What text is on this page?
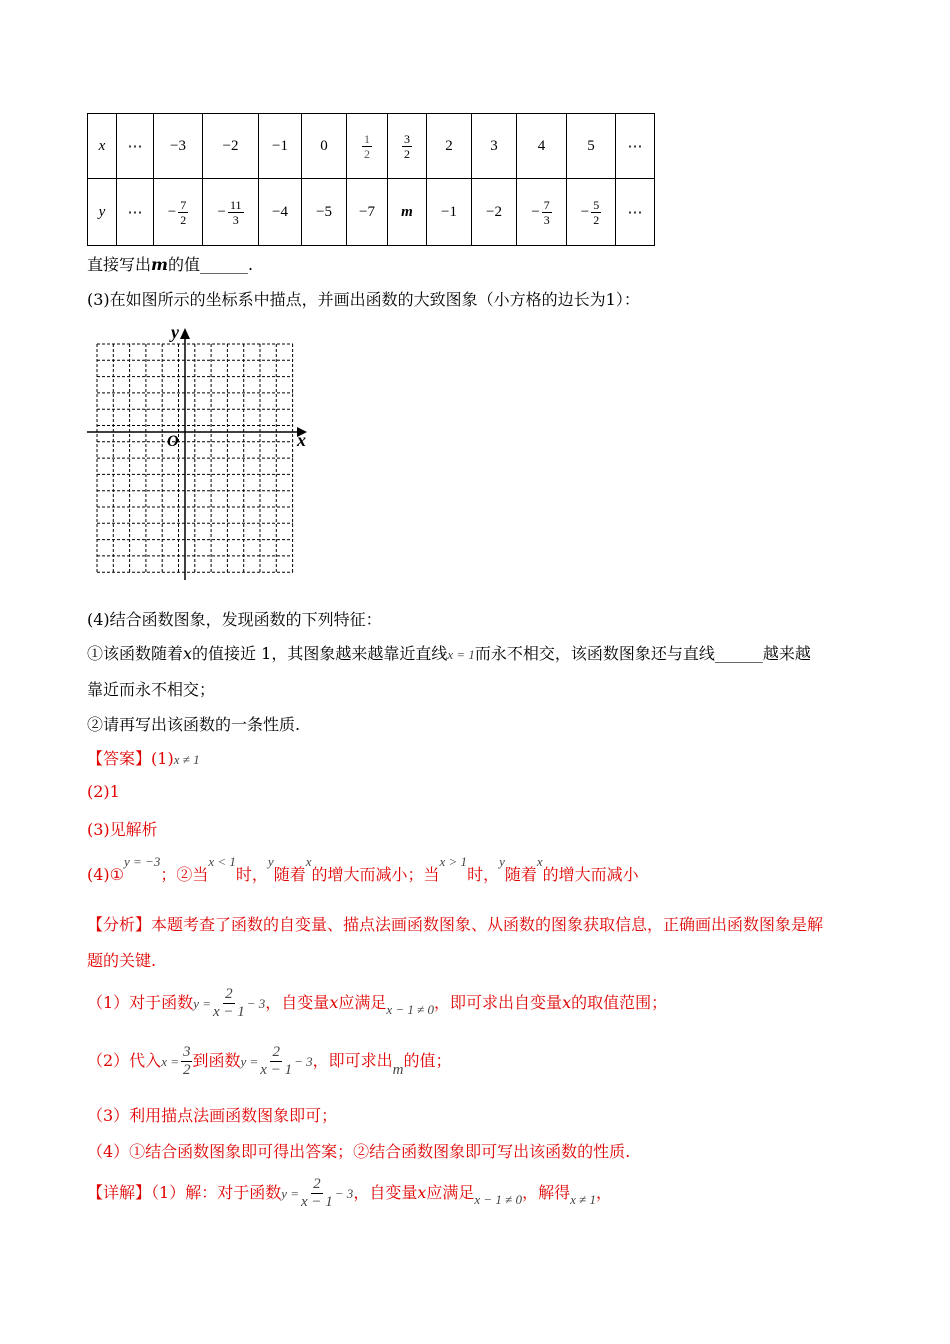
x	⋯	−3	−2	−1	0	$\frac{1}{2}$	$\frac{3}{2}$	2	3	4	5	⋯
y	⋯	− $\frac{7}{2}$	− $\frac{11}{3}$	−4	−5	−7	m	−1	−2	− $\frac{7}{3}$	− $\frac{5}{2}$	⋯
直接写出m的值______.
(3)在如图所示的坐标系中描点，并画出函数的大致图象（小方格的边长为1）：
y
x
O
(4)结合函数图象，发现函数的下列特征：
①该函数随着x的值接近 1，其图象越来越靠近直线x = 1而永不相交，该函数图象还与直线______越来越
靠近而永不相交；
②请再写出该函数的一条性质.
【答案】(1)x ≠ 1
(2)1
(3)见解析
(4)①$^{y = -3}$；②当$^{x < 1}$时，$^y$随着$^x$的增大而减小；当$^{x > 1}$时，$^y$随着$^x$的增大而减小
【分析】本题考查了函数的自变量、描点法画函数图象、从函数的图象获取信息，正确画出函数图象是解
题的关键.
（1）对于函数 $y = \frac{2}{x - 1} - 3$ ，自变量x应满足$_{x - 1 \ne 0}$，即可求出自变量x的取值范围；
（2）代入 $x = \frac{3}{2}$ 到函数 $y = \frac{2}{x - 1} - 3$ ，即可求出m的值；
（3）利用描点法画函数图象即可；
（4）①结合函数图象即可得出答案；②结合函数图象即可写出该函数的性质.
【详解】（1）解：对于函数 $y = \frac{2}{x - 1} - 3$ ，自变量x应满足$_{x - 1 \ne 0}$，解得$_{x \ne 1}$，
